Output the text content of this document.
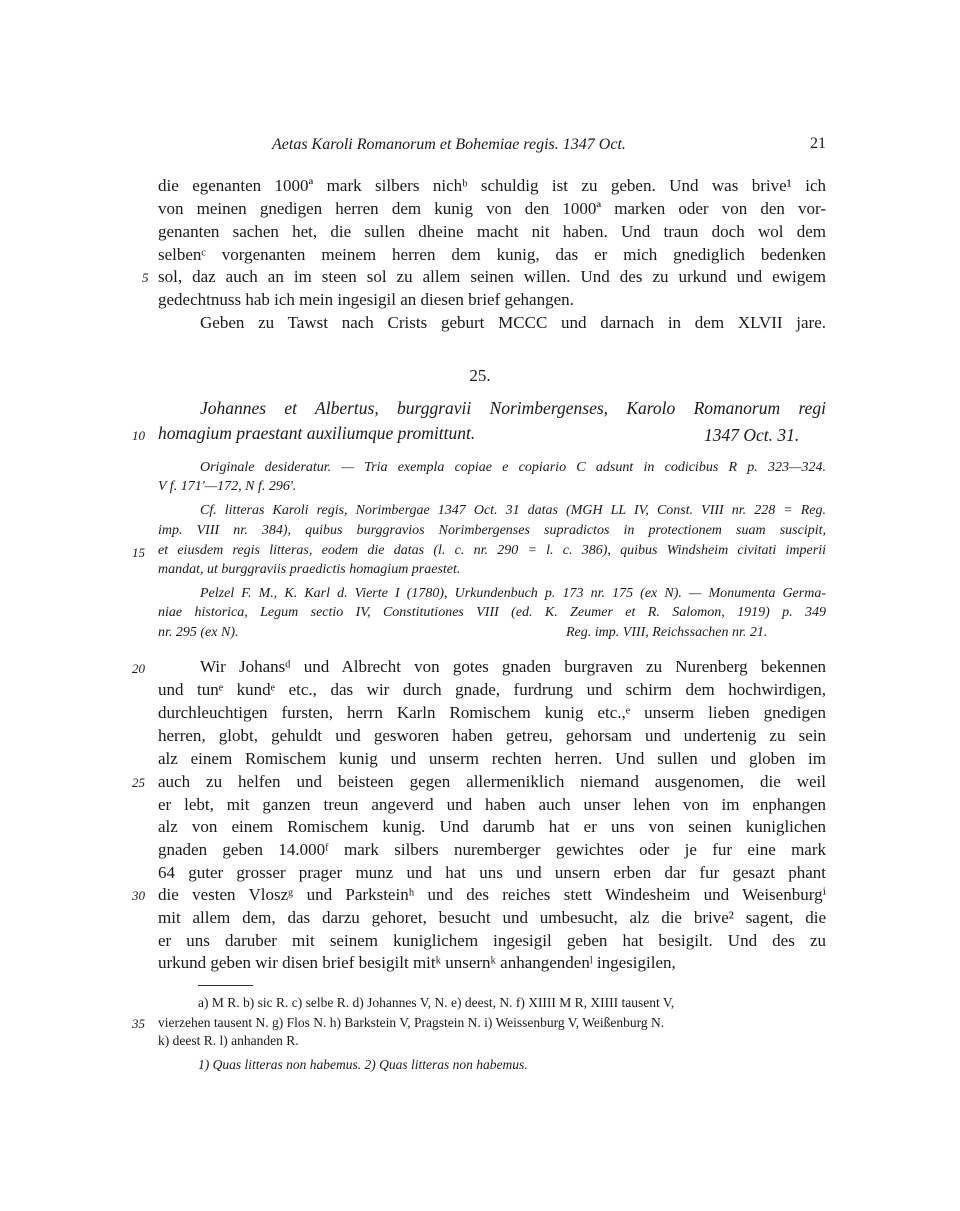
Aetas Karoli Romanorum et Bohemiae regis. 1347 Oct.	21
die egenanten 1000ª mark silbers nichᵇ schuldig ist zu geben. Und was brive¹ ich
von meinen gnedigen herren dem kunig von den 1000ª marken oder von den vor-
genanten sachen het, die sullen dheine macht nit haben. Und traun doch wol dem
selbenᶜ vorgenanten meinem herren dem kunig, das er mich gnediglich bedenken
sol, daz auch an im steen sol zu allem seinen willen. Und des zu urkund und ewigem
gedechtnuss hab ich mein ingesigil an diesen brief gehangen.
Geben zu Tawst nach Crists geburt MCCC und darnach in dem XLVII jare.
5
25.
Johannes et Albertus, burggravii Norimbergenses, Karolo Romanorum regi
homagium praestant auxiliumque promittunt.	1347 Oct. 31.
10
Originale desideratur. — Tria exempla copiae e copiario C adsunt in codicibus R p. 323—324.
V f. 171'—172, N f. 296'.
Cf. litteras Karoli regis, Norimbergae 1347 Oct. 31 datas (MGH LL IV, Const. VIII nr. 228 = Reg.
imp. VIII nr. 384), quibus burggravios Norimbergenses supradictos in protectionem suam suscipit,
et eiusdem regis litteras, eodem die datas (l. c. nr. 290 = l. c. 386), quibus Windsheim civitati imperii
mandat, ut burggraviis praedictis homagium praestet.
15
Pelzel F. M., K. Karl d. Vierte I (1780), Urkundenbuch p. 173 nr. 175 (ex N). — Monumenta Germa-
niae historica, Legum sectio IV, Constitutiones VIII (ed. K. Zeumer et R. Salomon, 1919) p. 349
nr. 295 (ex N).	Reg. imp. VIII, Reichssachen nr. 21.
Wir Johansᵈ und Albrecht von gotes gnaden burgraven zu Nurenberg bekennen
und tunᵉ kundᵉ etc., das wir durch gnade, furdrung und schirm dem hochwirdigen,
durchleuchtigen fursten, herrn Karln Romischem kunig etc.,ᵉ unserm lieben gnedigen
herren, globt, gehuldt und gesworen haben getreu, gehorsam und undertenig zu sein
alz einem Romischem kunig und unserm rechten herren. Und sullen und globen im
auch zu helfen und beisteen gegen allermeniklich niemand ausgenomen, die weil
er lebt, mit ganzen treun angeverd und haben auch unser lehen von im enphangen
alz von einem Romischem kunig. Und darumb hat er uns von seinen kuniglichen
gnaden geben 14.000ᶠ mark silbers nuremberger gewichtes oder je fur eine mark
64 guter grosser prager munz und hat uns und unsern erben dar fur gesazt phant
die vesten Vloszᵍ und Parksteinʰ und des reiches stett Windesheim und Weisenburgⁱ
mit allem dem, das darzu gehoret, besucht und umbesucht, alz die brive² sagent, die
er uns daruber mit seinem kuniglichem ingesigil geben hat besigilt. Und des zu
urkund geben wir disen brief besigilt mitᵏ unsernᵏ anhangendenˡ ingesigilen,
20
25
30
a) M R. b) sic R. c) selbe R. d) Johannes V, N. e) deest, N. f) XIIII M R, XIIII tausent V,
vierzehen tausent N. g) Flos N. h) Barkstein V, Pragstein N. i) Weissenburg V, Weißenburg N.
k) deest R. l) anhanden R.
35
1) Quas litteras non habemus. 2) Quas litteras non habemus.
